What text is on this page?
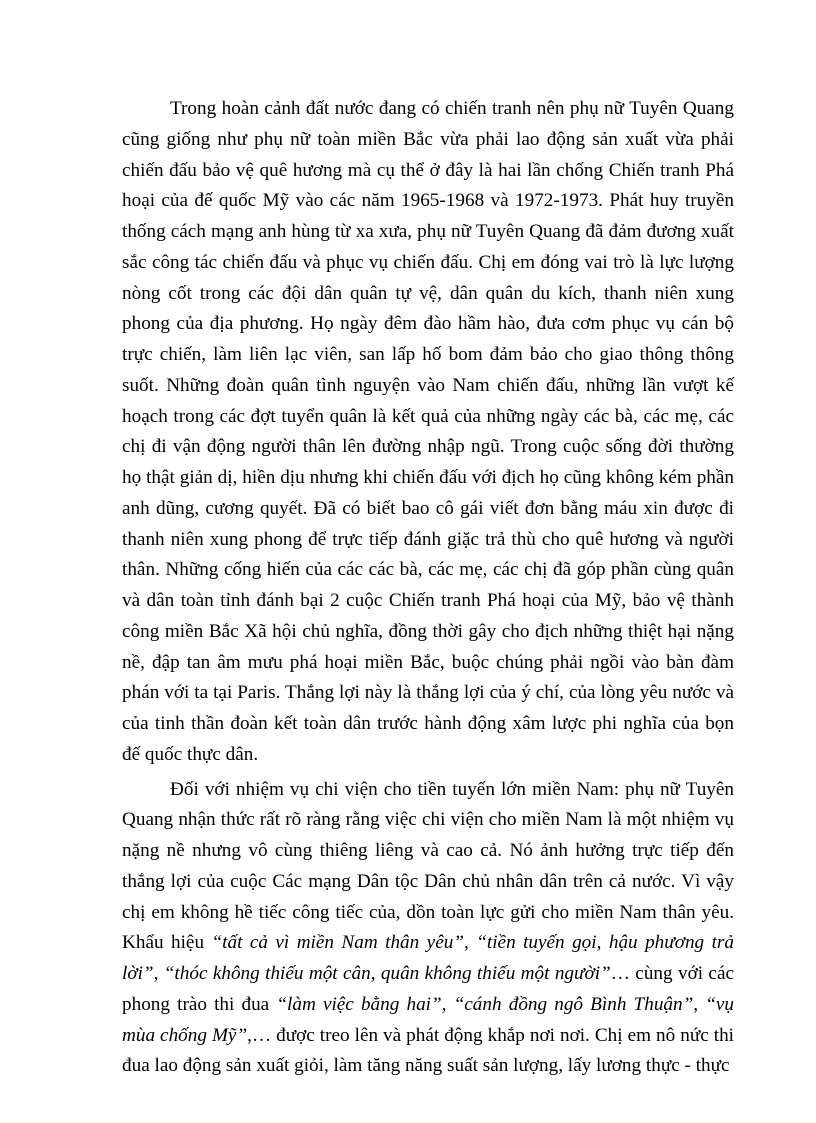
Trong hoàn cảnh đất nước đang có chiến tranh nên phụ nữ Tuyên Quang cũng giống như phụ nữ toàn miền Bắc vừa phải lao động sản xuất vừa phải chiến đấu bảo vệ quê hương mà cụ thể ở đây là hai lần chống Chiến tranh Phá hoại của đế quốc Mỹ vào các năm 1965-1968 và 1972-1973. Phát huy truyền thống cách mạng anh hùng từ xa xưa, phụ nữ Tuyên Quang đã đảm đương xuất sắc công tác chiến đấu và phục vụ chiến đấu. Chị em đóng vai trò là lực lượng nòng cốt trong các đội dân quân tự vệ, dân quân du kích, thanh niên xung phong của địa phương. Họ ngày đêm đào hầm hào, đưa cơm phục vụ cán bộ trực chiến, làm liên lạc viên, san lấp hố bom đảm bảo cho giao thông thông suốt. Những đoàn quân tình nguyện vào Nam chiến đấu, những lần vượt kế hoạch trong các đợt tuyển quân là kết quả của những ngày các bà, các mẹ, các chị đi vận động người thân lên đường nhập ngũ. Trong cuộc sống đời thường họ thật giản dị, hiền dịu nhưng khi chiến đấu với địch họ cũng không kém phần anh dũng, cương quyết. Đã có biết bao cô gái viết đơn bằng máu xin được đi thanh niên xung phong để trực tiếp đánh giặc trả thù cho quê hương và người thân. Những cống hiến của các các bà, các mẹ, các chị đã góp phần cùng quân và dân toàn tỉnh đánh bại 2 cuộc Chiến tranh Phá hoại của Mỹ, bảo vệ thành công miền Bắc Xã hội chủ nghĩa, đồng thời gây cho địch những thiệt hại nặng nề, đập tan âm mưu phá hoại miền Bắc, buộc chúng phải ngồi vào bàn đàm phán với ta tại Paris. Thắng lợi này là thắng lợi của ý chí, của lòng yêu nước và của tinh thần đoàn kết toàn dân trước hành động xâm lược phi nghĩa của bọn đế quốc thực dân.

Đối với nhiệm vụ chi viện cho tiền tuyến lớn miền Nam: phụ nữ Tuyên Quang nhận thức rất rõ ràng rằng việc chi viện cho miền Nam là một nhiệm vụ nặng nề nhưng vô cùng thiêng liêng và cao cả. Nó ảnh hưởng trực tiếp đến thắng lợi của cuộc Các mạng Dân tộc Dân chủ nhân dân trên cả nước. Vì vậy chị em không hề tiếc công tiếc của, dồn toàn lực gửi cho miền Nam thân yêu. Khẩu hiệu “tất cả vì miền Nam thân yêu”, “tiền tuyến gọi, hậu phương trả lời”, “thóc không thiếu một cân, quân không thiếu một người”… cùng với các phong trào thi đua “làm việc bằng hai”, “cánh đồng ngô Bình Thuận”, “vụ mùa chống Mỹ”,… được treo lên và phát động khắp nơi nơi. Chị em nô nức thi đua lao động sản xuất giỏi, làm tăng năng suất sản lượng, lấy lương thực - thực
